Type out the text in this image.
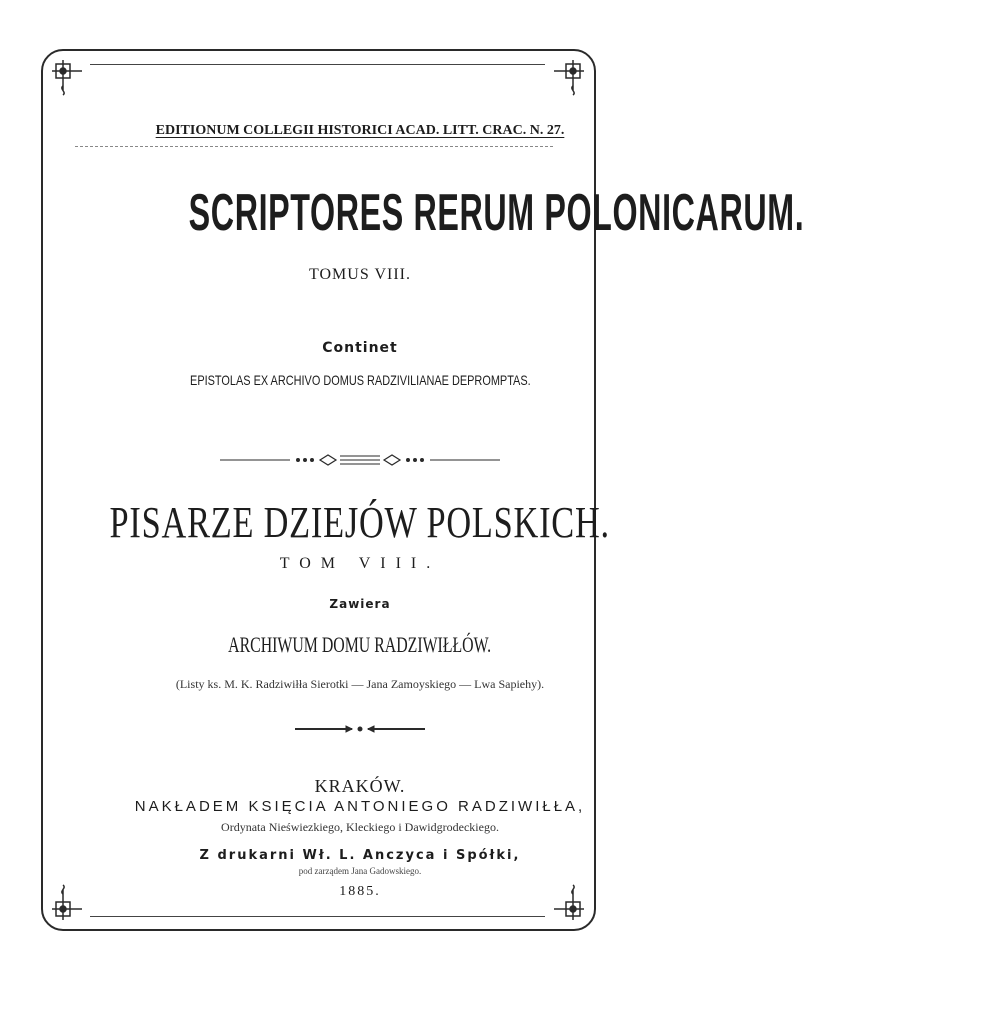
EDITIONUM COLLEGII HISTORICI ACAD. LITT. CRAC. N. 27.
SCRIPTORES RERUM POLONICARUM.
TOMUS VIII.
Continet
EPISTOLAS EX ARCHIVO DOMUS RADZIVILIANAE DEPROMPTAS.
PISARZE DZIEJÓW POLSKICH.
TOM VIII.
Zawiera
ARCHIWUM DOMU RADZIWIŁŁÓW.
(Listy ks. M. K. Radziwiłła Sierotki — Jana Zamoyskiego — Lwa Sapiehy).
KRAKÓW.
NAKŁADEM KSIĘCIA ANTONIEGO RADZIWIŁŁA,
Ordynata Nieświezkiego, Kleckiego i Dawidgrodeckiego.
Z drukarni Wł. L. Anczyca i Spółki,
pod zarządem Jana Gadowskiego.
1885.
